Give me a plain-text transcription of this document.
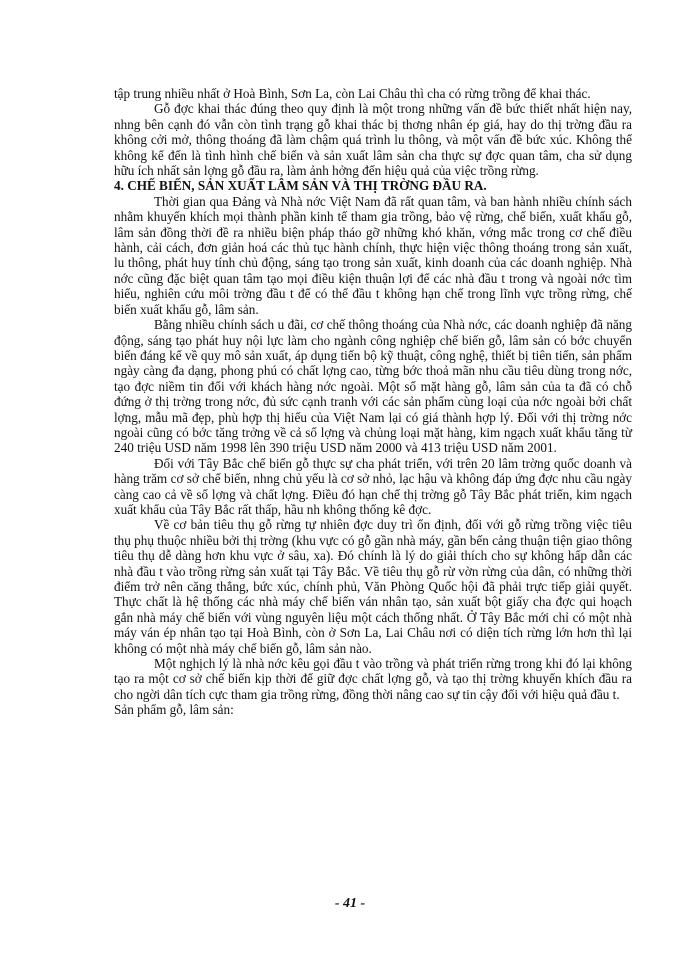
tập trung nhiều nhất ở Hoà Bình, Sơn La, còn Lai Châu thì cha có rừng trồng để khai thác.

Gỗ đợc khai thác đúng theo quy định là một trong những vấn đề bức thiết nhất hiện nay, nhng bên cạnh đó vẫn còn tình trạng gỗ khai thác bị thơng nhân ép giá, hay do thị trờng đầu ra không cởi mở, thông thoáng đã làm chậm quá trình lu thông, và một vấn đề bức xúc. Không thể không kể đến là tình hình chế biến và sản xuất lâm sản cha thực sự đợc quan tâm, cha sử dụng hữu ích nhất sản lợng gỗ đầu ra, làm ảnh hởng đến hiệu quả của việc trồng rừng.

4. CHẾ BIẾN, SẢN XUẤT LÂM SẢN VÀ THỊ TRỜNG ĐẦU RA.

Thời gian qua Đảng và Nhà nớc Việt Nam đã rất quan tâm, và ban hành nhiều chính sách nhằm khuyến khích mọi thành phần kinh tế tham gia trồng, bảo vệ rừng, chế biến, xuất khẩu gỗ, lâm sản đồng thời đề ra nhiều biện pháp tháo gỡ những khó khăn, vớng mắc trong cơ chế điều hành, cải cách, đơn giản hoá các thủ tục hành chính, thực hiện việc thông thoáng trong sản xuất, lu thông, phát huy tính chủ động, sáng tạo trong sản xuất, kinh doanh của các doanh nghiệp. Nhà nớc cũng đặc biệt quan tâm tạo mọi điều kiện thuận lợi để các nhà đầu t trong và ngoài nớc tìm hiểu, nghiên cứu môi trờng đầu t để có thể đầu t không hạn chế trong lĩnh vực trồng rừng, chế biến xuất khẩu gỗ, lâm sản.

Bằng nhiều chính sách u đãi, cơ chế thông thoáng của Nhà nớc, các doanh nghiệp đã năng động, sáng tạo phát huy nội lực làm cho ngành công nghiệp chế biến gỗ, lâm sản có bớc chuyển biến đáng kể về quy mô sản xuất, áp dụng tiến bộ kỹ thuật, công nghệ, thiết bị tiên tiến, sản phẩm ngày càng đa dạng, phong phú có chất lợng cao, từng bớc thoả mãn nhu cầu tiêu dùng trong nớc, tạo đợc niềm tin đối với khách hàng nớc ngoài. Một số mặt hàng gỗ, lâm sản của ta đã có chỗ đứng ở thị trờng trong nớc, đủ sức cạnh tranh với các sản phẩm cùng loại của nớc ngoài bởi chất lợng, mẫu mã đẹp, phù hợp thị hiếu của Việt Nam lại có giá thành hợp lý. Đối với thị trờng nớc ngoài cũng có bớc tăng trởng về cả số lợng và chủng loại mặt hàng, kim ngạch xuất khẩu tăng từ 240 triệu USD năm 1998 lên 390 triệu USD năm 2000 và 413 triệu USD năm 2001.

Đối với Tây Bắc chế biến gỗ thực sự cha phát triển, với trên 20 lâm trờng quốc doanh và hàng trăm cơ sở chế biến, nhng chủ yếu là cơ sở nhỏ, lạc hậu và không đáp ứng đợc nhu cầu ngày càng cao cả về số lợng và chất lợng. Điều đó hạn chế thị trờng gỗ Tây Bắc phát triển, kim ngạch xuất khẩu của Tây Bắc rất thấp, hầu nh không thống kê đợc.

Về cơ bản tiêu thụ gỗ rừng tự nhiên đợc duy trì ổn định, đối với gỗ rừng trồng việc tiêu thụ phụ thuộc nhiều bởi thị trờng (khu vực có gỗ gần nhà máy, gần bến cảng thuận tiện giao thông tiêu thụ dễ dàng hơn khu vực ở sâu, xa). Đó chính là lý do giải thích cho sự không hấp dẫn các nhà đầu t vào trồng rừng sản xuất tại Tây Bắc. Về tiêu thụ gỗ rừ vờn rừng của dân, có những thời điểm trở nên căng thẳng, bức xúc, chính phủ, Văn Phòng Quốc hội đã phải trực tiếp giải quyết. Thực chất là hệ thống các nhà máy chế biến ván nhân tạo, sản xuất bột giấy cha đợc qui hoạch gắn nhà máy chế biến với vùng nguyên liệu một cách thống nhất. Ở Tây Bắc mới chỉ có một nhà máy ván ép nhân tạo tại Hoà Bình, còn ở Sơn La, Lai Châu nơi có diện tích rừng lớn hơn thì lại không có một nhà máy chế biến gỗ, lâm sản nào.

Một nghịch lý là nhà nớc kêu gọi đầu t vào trồng và phát triển rừng trong khi đó lại không tạo ra một cơ sở chế biến kịp thời để giữ đợc chất lợng gỗ, và tạo thị trờng khuyến khích đầu ra cho ngời dân tích cực tham gia trồng rừng, đồng thời nâng cao sự tin cậy đối với hiệu quả đầu t.

Sản phẩm gỗ, lâm sản:

- 41 -
